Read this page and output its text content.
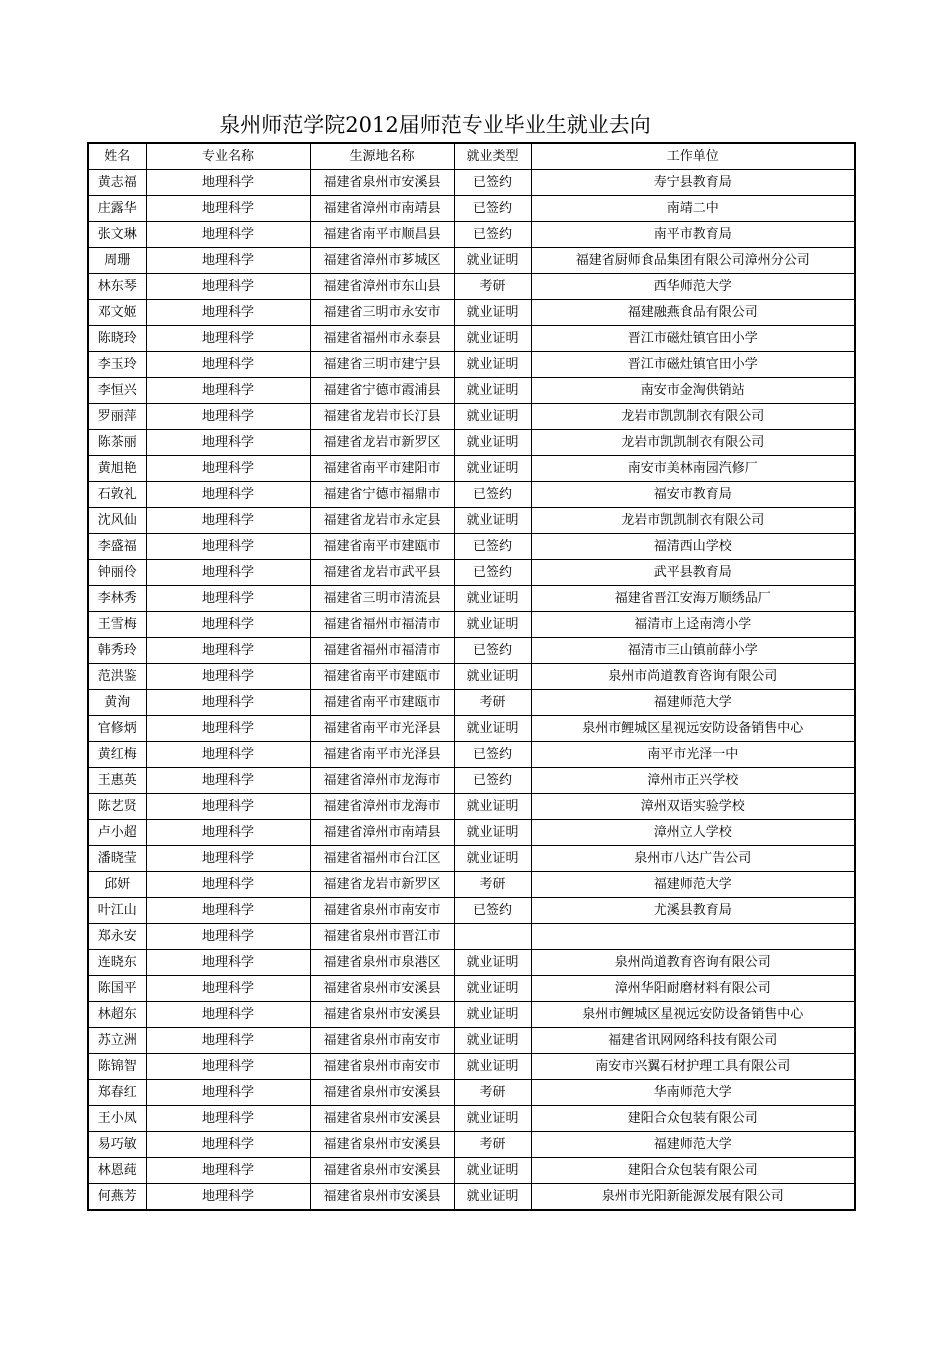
泉州师范学院2012届师范专业毕业生就业去向
姓名	专业名称	生源地名称	就业类型	工作单位
黄志福	地理科学	福建省泉州市安溪县	已签约	寿宁县教育局
庄露华	地理科学	福建省漳州市南靖县	已签约	南靖二中
张文琳	地理科学	福建省南平市顺昌县	已签约	南平市教育局
周珊	地理科学	福建省漳州市芗城区	就业证明	福建省厨师食品集团有限公司漳州分公司
林东琴	地理科学	福建省漳州市东山县	考研	西华师范大学
邓文姬	地理科学	福建省三明市永安市	就业证明	福建融燕食品有限公司
陈晓玲	地理科学	福建省福州市永泰县	就业证明	晋江市磁灶镇官田小学
李玉玲	地理科学	福建省三明市建宁县	就业证明	晋江市磁灶镇官田小学
李恒兴	地理科学	福建省宁德市霞浦县	就业证明	南安市金淘供销站
罗丽萍	地理科学	福建省龙岩市长汀县	就业证明	龙岩市凯凯制衣有限公司
陈茶丽	地理科学	福建省龙岩市新罗区	就业证明	龙岩市凯凯制衣有限公司
黄旭艳	地理科学	福建省南平市建阳市	就业证明	南安市美林南园汽修厂
石敦礼	地理科学	福建省宁德市福鼎市	已签约	福安市教育局
沈风仙	地理科学	福建省龙岩市永定县	就业证明	龙岩市凯凯制衣有限公司
李盛福	地理科学	福建省南平市建瓯市	已签约	福清西山学校
钟丽伶	地理科学	福建省龙岩市武平县	已签约	武平县教育局
李林秀	地理科学	福建省三明市清流县	就业证明	福建省晋江安海万顺绣品厂
王雪梅	地理科学	福建省福州市福清市	就业证明	福清市上迳南湾小学
韩秀玲	地理科学	福建省福州市福清市	已签约	福清市三山镇前薛小学
范洪鉴	地理科学	福建省南平市建瓯市	就业证明	泉州市尚道教育咨询有限公司
黄洵	地理科学	福建省南平市建瓯市	考研	福建师范大学
官修炳	地理科学	福建省南平市光泽县	就业证明	泉州市鲤城区星视远安防设备销售中心
黄红梅	地理科学	福建省南平市光泽县	已签约	南平市光泽一中
王惠英	地理科学	福建省漳州市龙海市	已签约	漳州市正兴学校
陈艺贤	地理科学	福建省漳州市龙海市	就业证明	漳州双语实验学校
卢小超	地理科学	福建省漳州市南靖县	就业证明	漳州立人学校
潘晓莹	地理科学	福建省福州市台江区	就业证明	泉州市八达广告公司
邱妍	地理科学	福建省龙岩市新罗区	考研	福建师范大学
叶江山	地理科学	福建省泉州市南安市	已签约	尤溪县教育局
郑永安	地理科学	福建省泉州市晋江市		
连晓东	地理科学	福建省泉州市泉港区	就业证明	泉州尚道教育咨询有限公司
陈国平	地理科学	福建省泉州市安溪县	就业证明	漳州华阳耐磨材料有限公司
林超东	地理科学	福建省泉州市安溪县	就业证明	泉州市鲤城区星视远安防设备销售中心
苏立洲	地理科学	福建省泉州市南安市	就业证明	福建省讯网网络科技有限公司
陈锦智	地理科学	福建省泉州市南安市	就业证明	南安市兴翼石材护理工具有限公司
郑春红	地理科学	福建省泉州市安溪县	考研	华南师范大学
王小凤	地理科学	福建省泉州市安溪县	就业证明	建阳合众包装有限公司
易巧敏	地理科学	福建省泉州市安溪县	考研	福建师范大学
林恩莼	地理科学	福建省泉州市安溪县	就业证明	建阳合众包装有限公司
何燕芳	地理科学	福建省泉州市安溪县	就业证明	泉州市光阳新能源发展有限公司
